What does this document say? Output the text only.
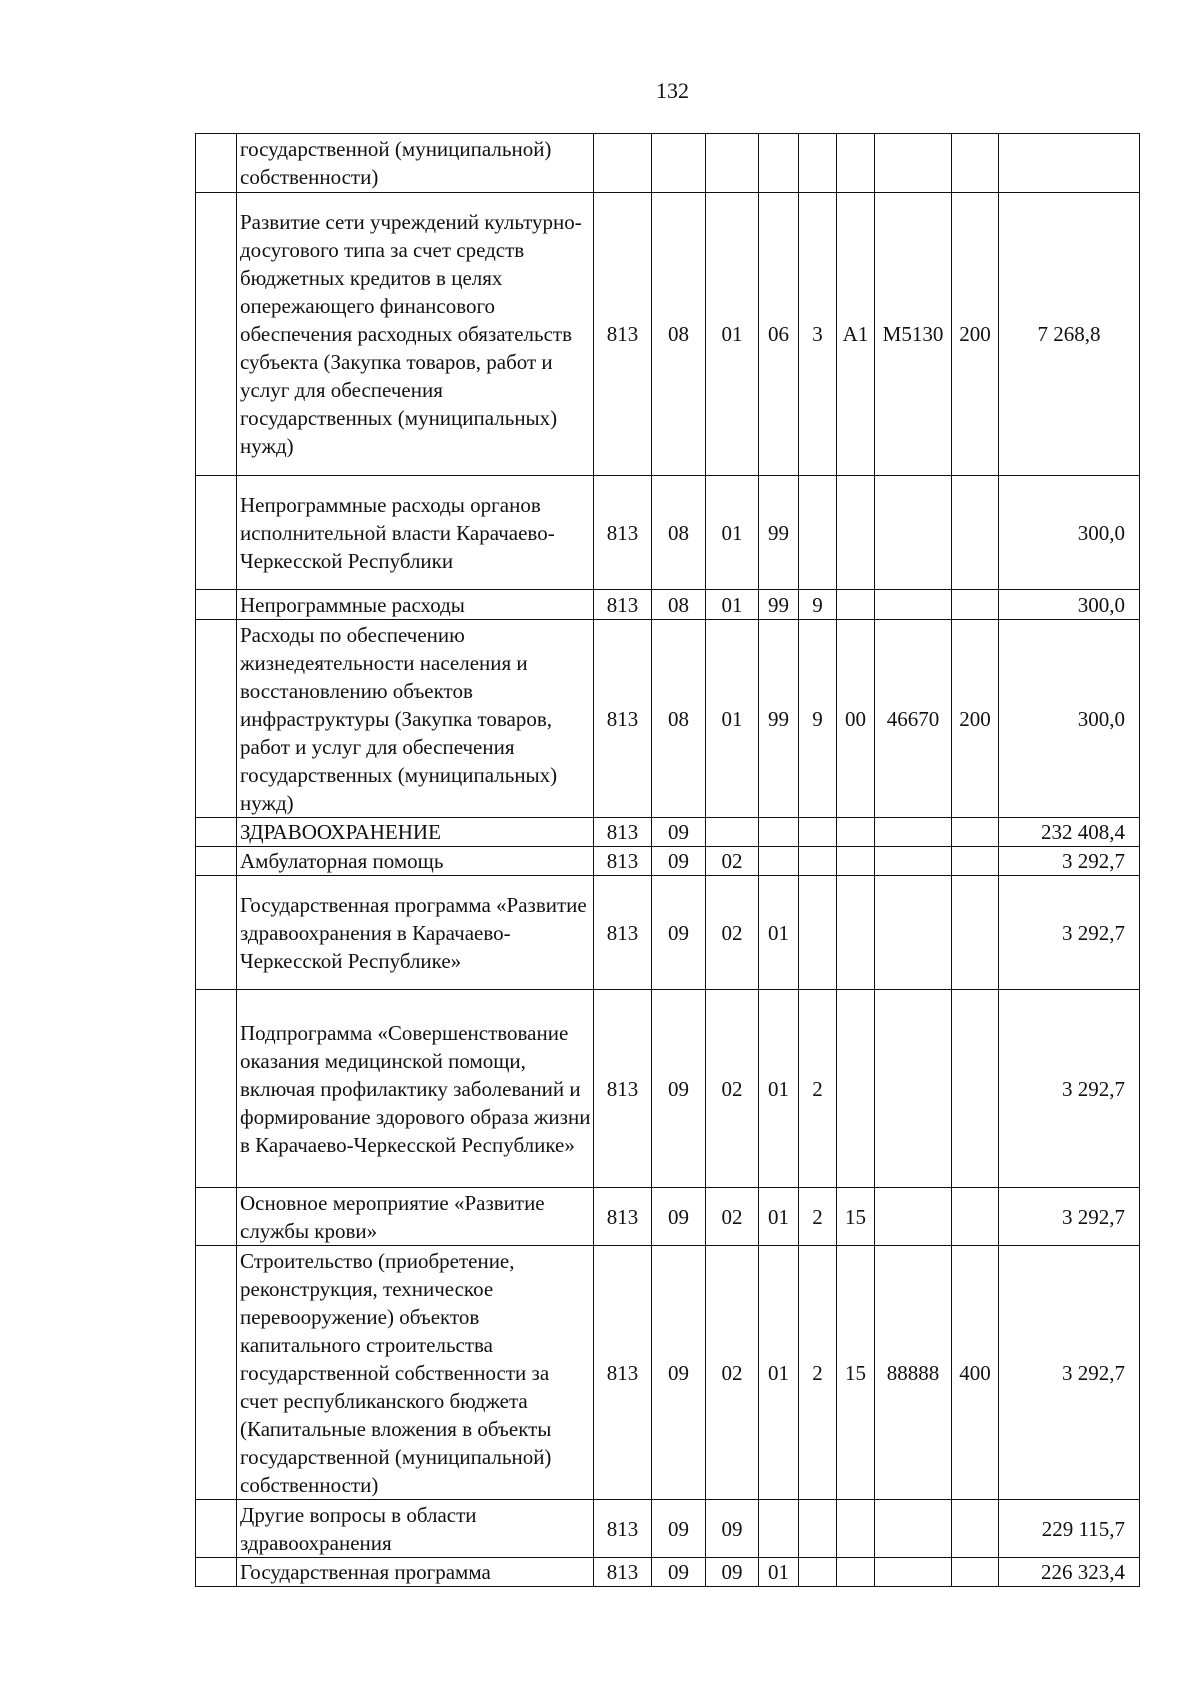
132
	государственной (муниципальной) собственности)									
	Развитие сети учреждений культурно-досугового типа за счет средств бюджетных кредитов в целях опережающего финансового обеспечения расходных обязательств субъекта (Закупка товаров, работ и услуг для обеспечения государственных (муниципальных) нужд)	813	08	01	06	3	A1	M5130	200	7 268,8
	Непрограммные расходы органов исполнительной власти Карачаево-Черкесской Республики	813	08	01	99					300,0
	Непрограммные расходы	813	08	01	99	9				300,0
	Расходы по обеспечению жизнедеятельности населения и восстановлению объектов инфраструктуры (Закупка товаров, работ и услуг для обеспечения государственных (муниципальных) нужд)	813	08	01	99	9	00	46670	200	300,0
	ЗДРАВООХРАНЕНИЕ	813	09							232 408,4
	Амбулаторная помощь	813	09	02						3 292,7
	Государственная программа «Развитие здравоохранения в Карачаево-Черкесской Республике»	813	09	02	01					3 292,7
	Подпрограмма «Совершенствование оказания медицинской помощи, включая профилактику заболеваний и формирование здорового образа жизни в Карачаево-Черкесской Республике»	813	09	02	01	2				3 292,7
	Основное мероприятие «Развитие службы крови»	813	09	02	01	2	15			3 292,7
	Строительство (приобретение, реконструкция, техническое перевооружение) объектов капитального строительства государственной собственности за счет республиканского бюджета (Капитальные вложения в объекты государственной (муниципальной) собственности)	813	09	02	01	2	15	88888	400	3 292,7
	Другие вопросы в области здравоохранения	813	09	09						229 115,7
	Государственная программа	813	09	09	01					226 323,4
